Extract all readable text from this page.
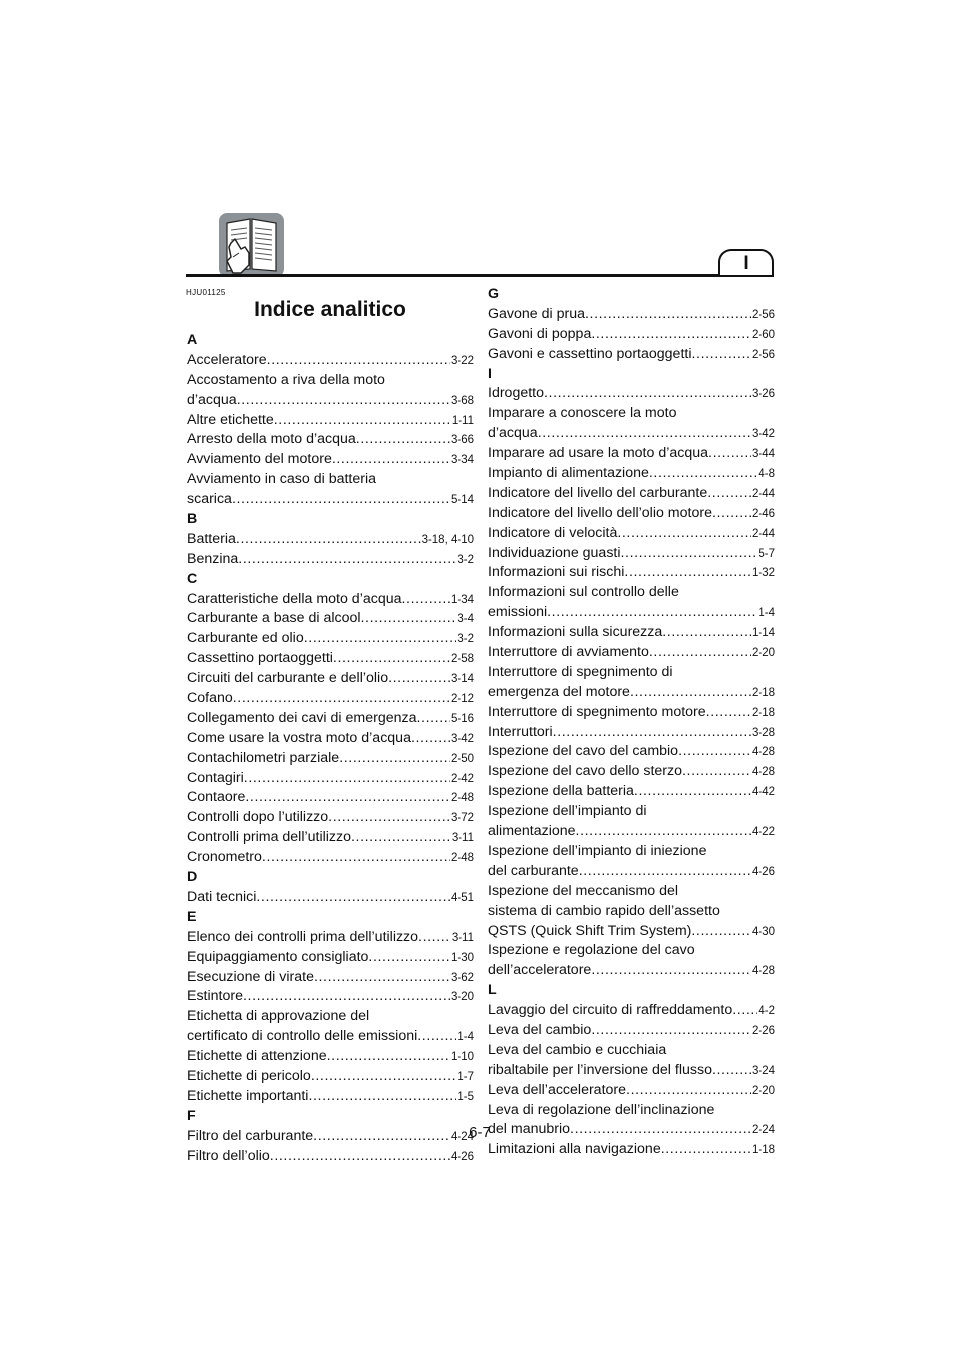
I
HJU01125
Indice analitico
A
Acceleratore .....	3-22
Accostamento a riva della moto
d’acqua .....	3-68
Altre etichette .....	1-11
Arresto della moto d’acqua .....	3-66
Avviamento del motore .....	3-34
Avviamento in caso di batteria
scarica .....	5-14
B
Batteria .....	3-18, 4-10
Benzina .....	3-2
C
Caratteristiche della moto d’acqua .....	1-34
Carburante a base di alcool .....	3-4
Carburante ed olio .....	3-2
Cassettino portaoggetti .....	2-58
Circuiti del carburante e dell’olio .....	3-14
Cofano .....	2-12
Collegamento dei cavi di emergenza .....	5-16
Come usare la vostra moto d’acqua .....	3-42
Contachilometri parziale .....	2-50
Contagiri .....	2-42
Contaore .....	2-48
Controlli dopo l’utilizzo .....	3-72
Controlli prima dell’utilizzo .....	3-11
Cronometro .....	2-48
D
Dati tecnici .....	4-51
E
Elenco dei controlli prima dell’utilizzo .....	3-11
Equipaggiamento consigliato .....	1-30
Esecuzione di virate .....	3-62
Estintore .....	3-20
Etichetta di approvazione del
certificato di controllo delle emissioni .....	1-4
Etichette di attenzione .....	1-10
Etichette di pericolo .....	1-7
Etichette importanti .....	1-5
F
Filtro del carburante .....	4-24
Filtro dell’olio .....	4-26
G
Gavone di prua .....	2-56
Gavoni di poppa .....	2-60
Gavoni e cassettino portaoggetti .....	2-56
I
Idrogetto .....	3-26
Imparare a conoscere la moto
d’acqua .....	3-42
Imparare ad usare la moto d’acqua .....	3-44
Impianto di alimentazione .....	4-8
Indicatore del livello del carburante .....	2-44
Indicatore del livello dell’olio motore .....	2-46
Indicatore di velocità .....	2-44
Individuazione guasti .....	5-7
Informazioni sui rischi .....	1-32
Informazioni sul controllo delle
emissioni .....	1-4
Informazioni sulla sicurezza .....	1-14
Interruttore di avviamento .....	2-20
Interruttore di spegnimento di
emergenza del motore .....	2-18
Interruttore di spegnimento motore .....	2-18
Interruttori .....	3-28
Ispezione del cavo del cambio .....	4-28
Ispezione del cavo dello sterzo .....	4-28
Ispezione della batteria .....	4-42
Ispezione dell’impianto di
alimentazione .....	4-22
Ispezione dell’impianto di iniezione
del carburante .....	4-26
Ispezione del meccanismo del
sistema di cambio rapido dell’assetto
QSTS (Quick Shift Trim System) .....	4-30
Ispezione e regolazione del cavo
dell’acceleratore .....	4-28
L
Lavaggio del circuito di raffreddamento ..... 4-2
Leva del cambio .....	2-26
Leva del cambio e cucchiaia
ribaltabile per l’inversione del flusso .....	3-24
Leva dell’acceleratore .....	2-20
Leva di regolazione dell’inclinazione
del manubrio .....	2-24
Limitazioni alla navigazione .....	1-18
6-7
